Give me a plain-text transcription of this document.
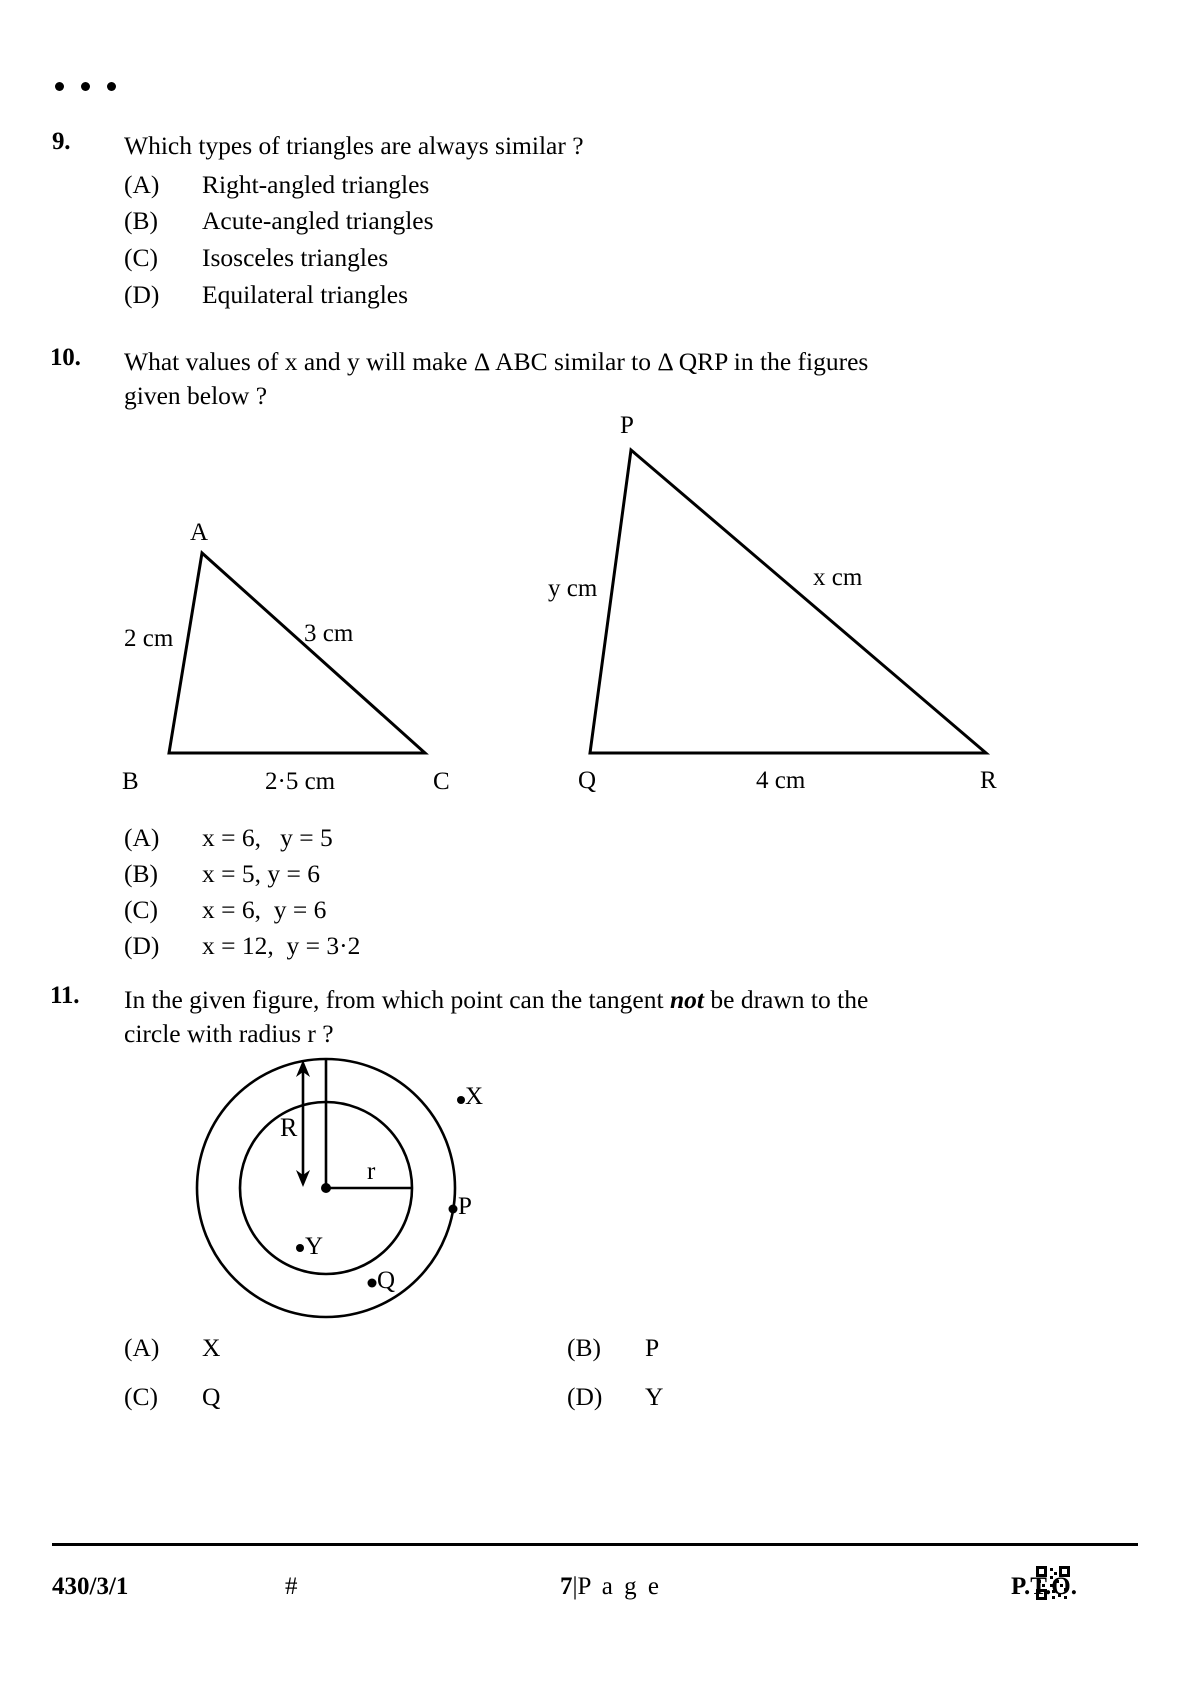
9. Which types of triangles are always similar ?
(A) Right-angled triangles
(B) Acute-angled triangles
(C) Isosceles triangles
(D) Equilateral triangles
10. What values of x and y will make Δ ABC similar to Δ QRP in the figures
given below ?
A
B	C
2 cm	3 cm
2·5 cm
P
Q	R
y cm	x cm
4 cm
(A) x = 6,   y = 5
(B) x = 5, y = 6
(C) x = 6,  y = 6
(D) x = 12,  y = 3·2
11. In the given figure, from which point can the tangent not be drawn to the
circle with radius r ?
X
P
Y
Q
R
r
(A) X	(B) P
(C) Q	(D) Y
430/3/1	#	7|P a g e	P.T.O.
